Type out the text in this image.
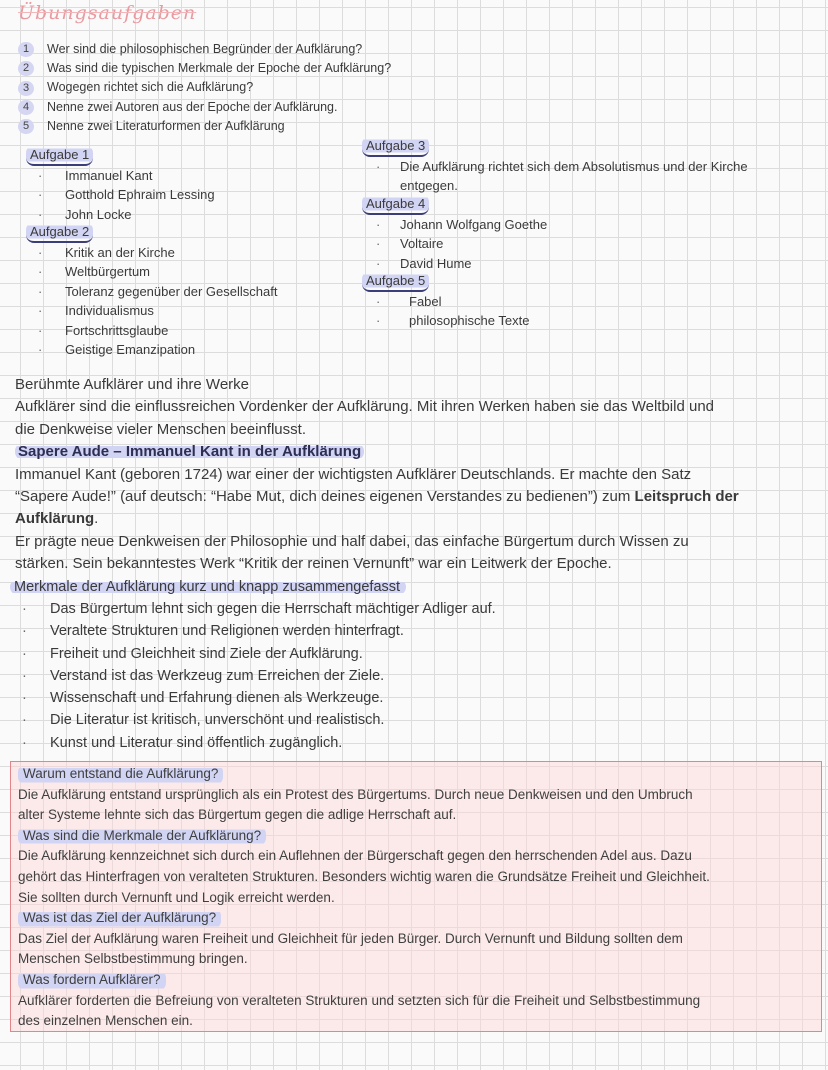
Übungsaufgaben
1	Wer sind die philosophischen Begründer der Aufklärung?
2	Was sind die typischen Merkmale der Epoche der Aufklärung?
3	Wogegen richtet sich die Aufklärung?
4	Nenne zwei Autoren aus der Epoche der Aufklärung.
5	Nenne zwei Literaturformen der Aufklärung
Aufgabe 1
·	Immanuel Kant
·	Gotthold Ephraim Lessing
·	John Locke
Aufgabe 2
·	Kritik an der Kirche
·	Weltbürgertum
·	Toleranz gegenüber der Gesellschaft
·	Individualismus
·	Fortschrittsglaube
·	Geistige Emanzipation
Aufgabe 3
·	Die Aufklärung richtet sich dem Absolutismus und der Kirche
entgegen.
Aufgabe 4
·	Johann Wolfgang Goethe
·	Voltaire
·	David Hume
Aufgabe 5
·	Fabel
·	philosophische Texte
Berühmte Aufklärer und ihre Werke
Aufklärer sind die einflussreichen Vordenker der Aufklärung. Mit ihren Werken haben sie das Weltbild und
die Denkweise vieler Menschen beeinflusst.
Sapere Aude – Immanuel Kant in der Aufklärung
Immanuel Kant (geboren 1724) war einer der wichtigsten Aufklärer Deutschlands. Er machte den Satz
“Sapere Aude!” (auf deutsch: “Habe Mut, dich deines eigenen Verstandes zu bedienen”) zum Leitspruch der
Aufklärung.
Er prägte neue Denkweisen der Philosophie und half dabei, das einfache Bürgertum durch Wissen zu
stärken. Sein bekanntestes Werk “Kritik der reinen Vernunft” war ein Leitwerk der Epoche.
Merkmale der Aufklärung kurz und knapp zusammengefasst
·	Das Bürgertum lehnt sich gegen die Herrschaft mächtiger Adliger auf.
·	Veraltete Strukturen und Religionen werden hinterfragt.
·	Freiheit und Gleichheit sind Ziele der Aufklärung.
·	Verstand ist das Werkzeug zum Erreichen der Ziele.
·	Wissenschaft und Erfahrung dienen als Werkzeuge.
·	Die Literatur ist kritisch, unverschönt und realistisch.
·	Kunst und Literatur sind öffentlich zugänglich.
Warum entstand die Aufklärung?
Die Aufklärung entstand ursprünglich als ein Protest des Bürgertums. Durch neue Denkweisen und den Umbruch
alter Systeme lehnte sich das Bürgertum gegen die adlige Herrschaft auf.
Was sind die Merkmale der Aufklärung?
Die Aufklärung kennzeichnet sich durch ein Auflehnen der Bürgerschaft gegen den herrschenden Adel aus. Dazu
gehört das Hinterfragen von veralteten Strukturen. Besonders wichtig waren die Grundsätze Freiheit und Gleichheit.
Sie sollten durch Vernunft und Logik erreicht werden.
Was ist das Ziel der Aufklärung?
Das Ziel der Aufklärung waren Freiheit und Gleichheit für jeden Bürger. Durch Vernunft und Bildung sollten dem
Menschen Selbstbestimmung bringen.
Was fordern Aufklärer?
Aufklärer forderten die Befreiung von veralteten Strukturen und setzten sich für die Freiheit und Selbstbestimmung
des einzelnen Menschen ein.
